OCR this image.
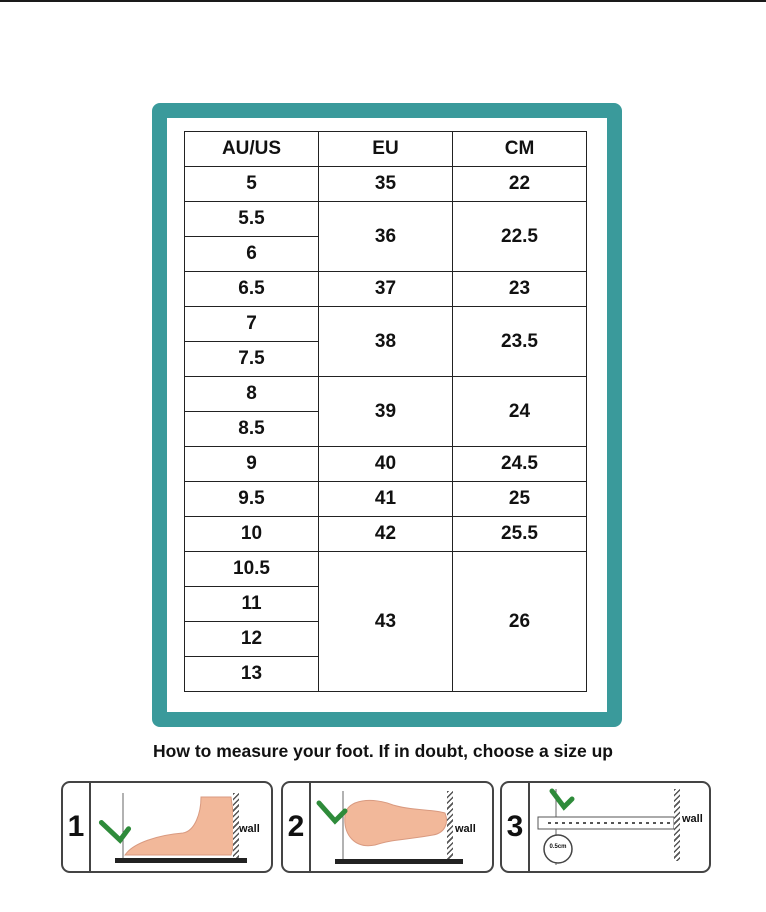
AU/US	EU	CM
5	35	22
5.5	36	22.5
6		
6.5	37	23
7	38	23.5
7.5		
8	39	24
8.5		
9	40	24.5
9.5	41	25
10	42	25.5
10.5	43	26
11		
12		
13		
How to measure your foot. If in doubt, choose a size up
1	wall 2	wall 3
0.5cm
wall
